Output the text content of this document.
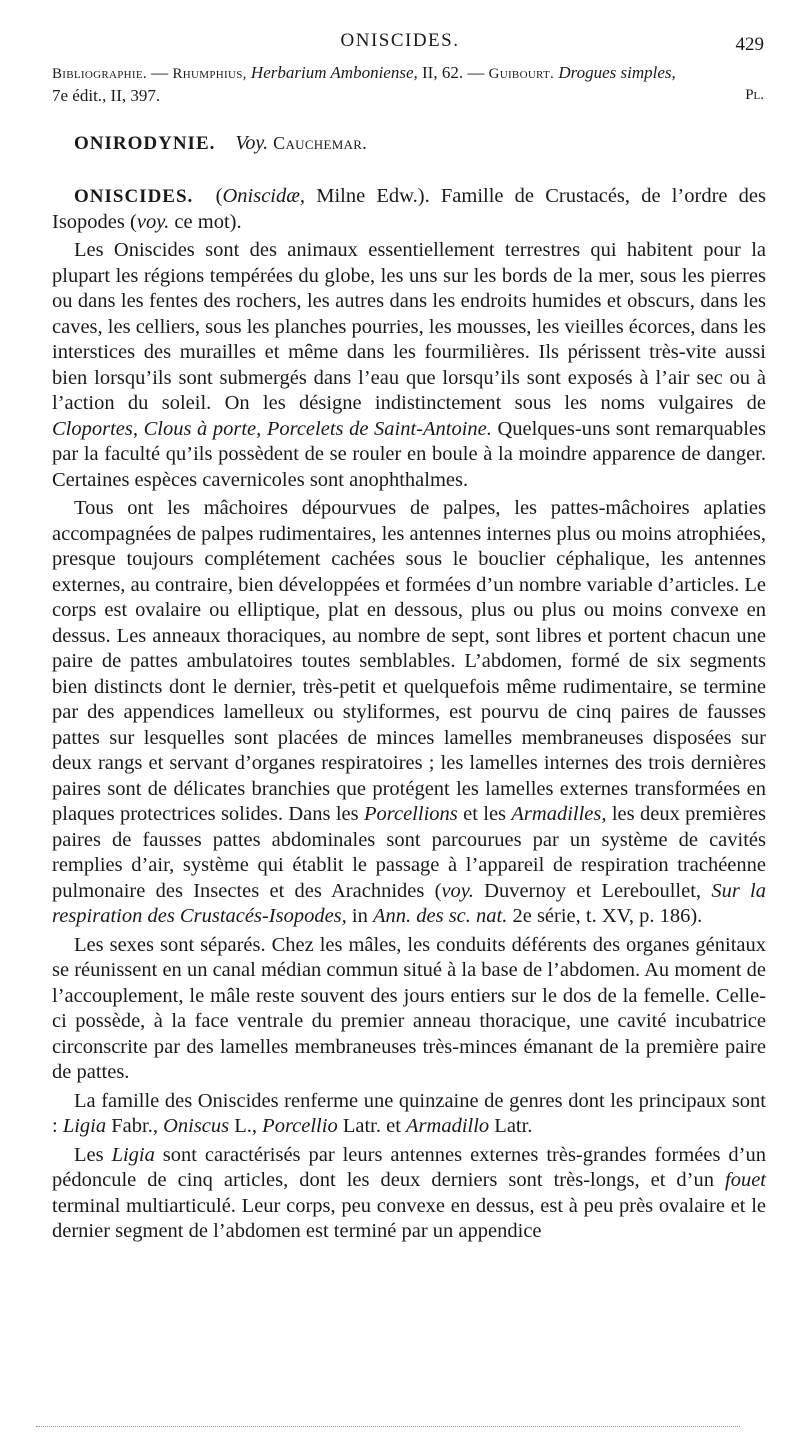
ONISCIDES.	429
Bibliographie. — Rhumphius, Herbarium Amboniense, II, 62. — Guibourt. Drogues simples,
7e édit., II, 397.	Pl.
ONIRODYNIE. Voy. Cauchemar.

ONISCIDES. (Oniscidæ, Milne Edw.). Famille de Crustacés, de l’ordre des Isopodes (voy. ce mot).

Les Oniscides sont des animaux essentiellement terrestres qui habitent pour la plupart les régions tempérées du globe, les uns sur les bords de la mer, sous les pierres ou dans les fentes des rochers, les autres dans les endroits humides et obscurs, dans les caves, les celliers, sous les planches pourries, les mousses, les vieilles écorces, dans les interstices des murailles et même dans les fourmilières. Ils périssent très-vite aussi bien lorsqu’ils sont submergés dans l’eau que lorsqu’ils sont exposés à l’air sec ou à l’action du soleil. On les désigne indistinctement sous les noms vulgaires de Cloportes, Clous à porte, Porcelets de Saint-Antoine. Quelques-uns sont remarquables par la faculté qu’ils possèdent de se rouler en boule à la moindre apparence de danger. Certaines espèces cavernicoles sont anophthalmes.

Tous ont les mâchoires dépourvues de palpes, les pattes-mâchoires aplaties accompagnées de palpes rudimentaires, les antennes internes plus ou moins atrophiées, presque toujours complétement cachées sous le bouclier céphalique, les antennes externes, au contraire, bien développées et formées d’un nombre variable d’articles. Le corps est ovalaire ou elliptique, plat en dessous, plus ou plus ou moins convexe en dessus. Les anneaux thoraciques, au nombre de sept, sont libres et portent chacun une paire de pattes ambulatoires toutes semblables. L’abdomen, formé de six segments bien distincts dont le dernier, très-petit et quelquefois même rudimentaire, se termine par des appendices lamelleux ou styliformes, est pourvu de cinq paires de fausses pattes sur lesquelles sont placées de minces lamelles membraneuses disposées sur deux rangs et servant d’organes respiratoires ; les lamelles internes des trois dernières paires sont de délicates branchies que protégent les lamelles externes transformées en plaques protectrices solides. Dans les Porcellions et les Armadilles, les deux premières paires de fausses pattes abdominales sont parcourues par un système de cavités remplies d’air, système qui établit le passage à l’appareil de respiration trachéenne pulmonaire des Insectes et des Arachnides (voy. Duvernoy et Lereboullet, Sur la respiration des Crustacés-Isopodes, in Ann. des sc. nat. 2e série, t. XV, p. 186).

Les sexes sont séparés. Chez les mâles, les conduits déférents des organes génitaux se réunissent en un canal médian commun situé à la base de l’abdomen. Au moment de l’accouplement, le mâle reste souvent des jours entiers sur le dos de la femelle. Celle-ci possède, à la face ventrale du premier anneau thoracique, une cavité incubatrice circonscrite par des lamelles membraneuses très-minces émanant de la première paire de pattes.

La famille des Oniscides renferme une quinzaine de genres dont les principaux sont : Ligia Fabr., Oniscus L., Porcellio Latr. et Armadillo Latr.

Les Ligia sont caractérisés par leurs antennes externes très-grandes formées d’un pédoncule de cinq articles, dont les deux derniers sont très-longs, et d’un fouet terminal multiarticulé. Leur corps, peu convexe en dessus, est à peu près ovalaire et le dernier segment de l’abdomen est terminé par un appendice
